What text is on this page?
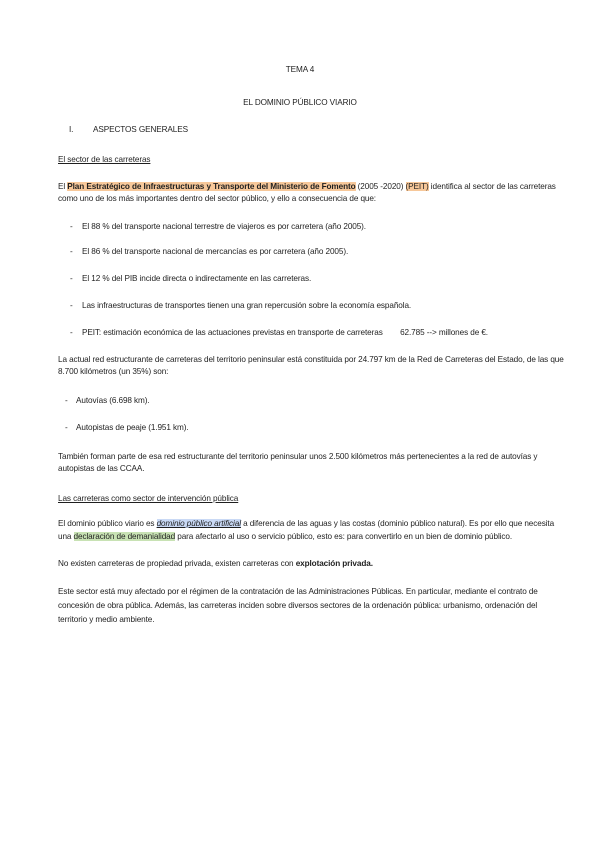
TEMA 4
EL DOMINIO PÚBLICO VIARIO
I. ASPECTOS GENERALES
El sector de las carreteras
El Plan Estratégico de Infraestructuras y Transporte del Ministerio de Fomento (2005 -2020) (PEIT) identifica al sector de las carreteras
como uno de los más importantes dentro del sector público, y ello a consecuencia de que:
- El 88 % del transporte nacional terrestre de viajeros es por carretera (año 2005).
- El 86 % del transporte nacional de mercancías es por carretera (año 2005).
- El 12 % del PIB incide directa o indirectamente en las carreteras.
- Las infraestructuras de transportes tienen una gran repercusión sobre la economía española.
- PEIT: estimación económica de las actuaciones previstas en transporte de carreteras        62.785 --> millones de €.
La actual red estructurante de carreteras del territorio peninsular está constituida por 24.797 km de la Red de Carreteras del Estado, de las que
8.700 kilómetros (un 35%) son:
- Autovías (6.698 km).
- Autopistas de peaje (1.951 km).
También forman parte de esa red estructurante del territorio peninsular unos 2.500 kilómetros más pertenecientes a la red de autovías y
autopistas de las CCAA.
Las carreteras como sector de intervención pública
El dominio público viario es dominio público artificial a diferencia de las aguas y las costas (dominio público natural). Es por ello que necesita
una declaración de demanialidad para afectarlo al uso o servicio público, esto es: para convertirlo en un bien de dominio público.
No existen carreteras de propiedad privada, existen carreteras con explotación privada.
Este sector está muy afectado por el régimen de la contratación de las Administraciones Públicas. En particular, mediante el contrato de
concesión de obra pública. Además, las carreteras inciden sobre diversos sectores de la ordenación pública: urbanismo, ordenación del
territorio y medio ambiente.
